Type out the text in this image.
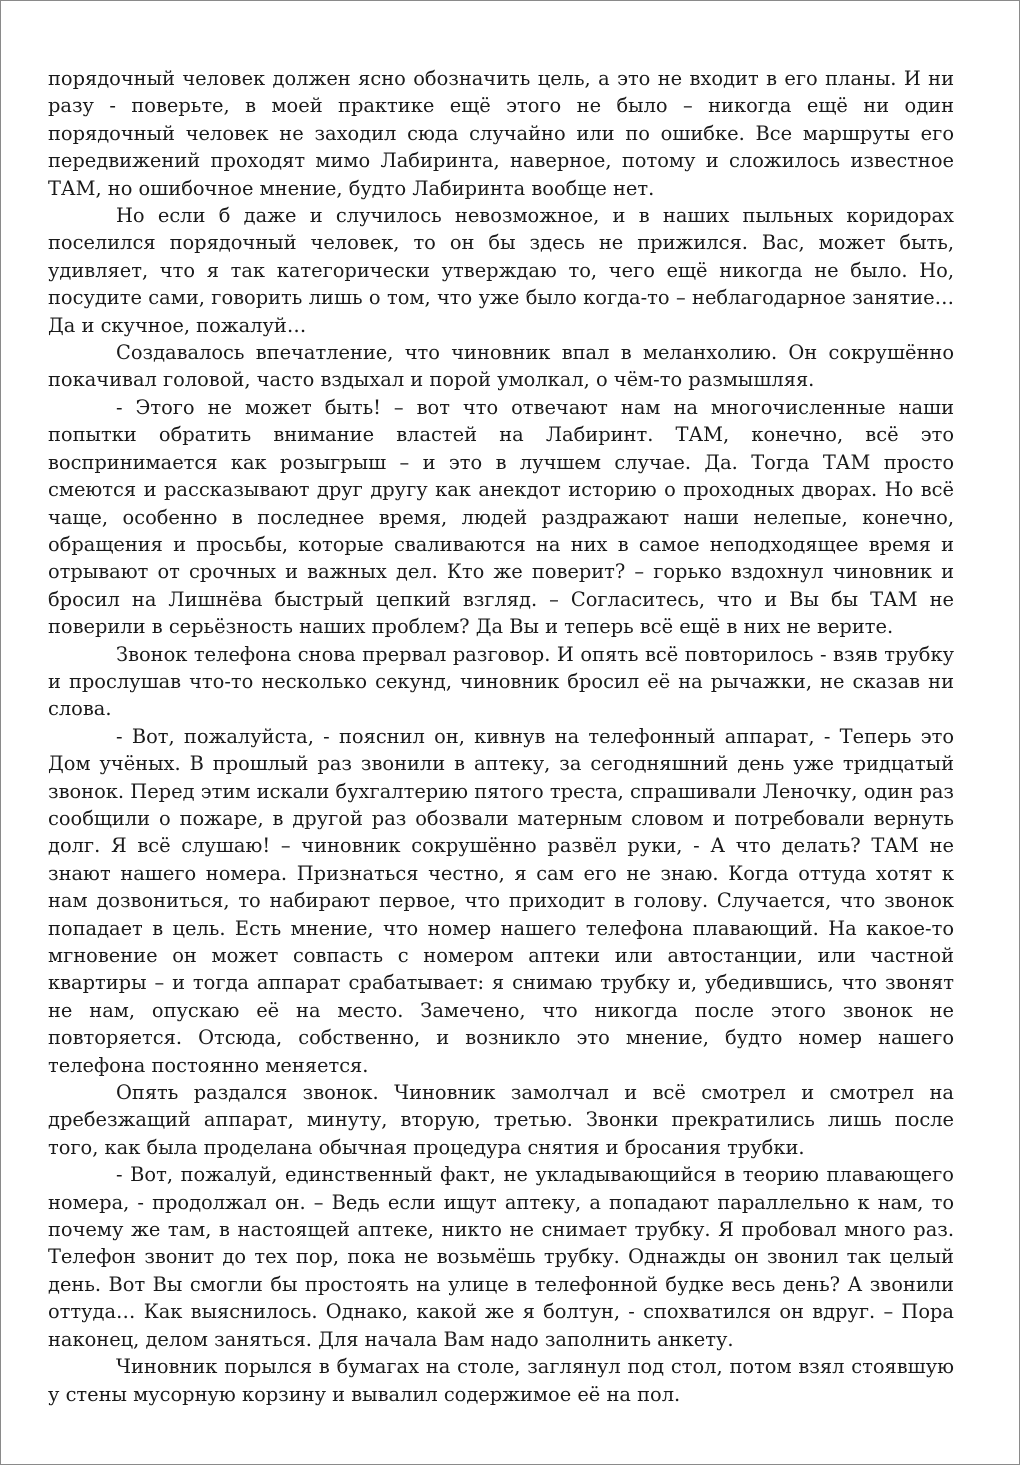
порядочный человек должен ясно обозначить цель, а это не входит в его планы. И ни разу - поверьте, в моей практике ещё этого не было – никогда ещё ни один порядочный человек не заходил сюда случайно или по ошибке. Все маршруты его передвижений проходят мимо Лабиринта, наверное, потому и сложилось известное ТАМ, но ошибочное мнение, будто Лабиринта вообще нет.

Но если б даже и случилось невозможное, и в наших пыльных коридорах поселился порядочный человек, то он бы здесь не прижился. Вас, может быть, удивляет, что я так категорически утверждаю то, чего ещё никогда не было. Но, посудите сами, говорить лишь о том, что уже было когда-то – неблагодарное занятие… Да и скучное, пожалуй…

Создавалось впечатление, что чиновник впал в меланхолию. Он сокрушённо покачивал головой, часто вздыхал и порой умолкал, о чём-то размышляя.

- Этого не может быть! – вот что отвечают нам на многочисленные наши попытки обратить внимание властей на Лабиринт. ТАМ, конечно, всё это воспринимается как розыгрыш – и это в лучшем случае. Да. Тогда ТАМ просто смеются и рассказывают друг другу как анекдот историю о проходных дворах. Но всё чаще, особенно в последнее время, людей раздражают наши нелепые, конечно, обращения и просьбы, которые сваливаются на них в самое неподходящее время и отрывают от срочных и важных дел. Кто же поверит? – горько вздохнул чиновник и бросил на Лишнёва быстрый цепкий взгляд. – Согласитесь, что и Вы бы ТАМ не поверили в серьёзность наших проблем? Да Вы и теперь всё ещё в них не верите.

Звонок телефона снова прервал разговор. И опять всё повторилось - взяв трубку и прослушав что-то несколько секунд, чиновник бросил её на рычажки, не сказав ни слова.

- Вот, пожалуйста, - пояснил он, кивнув на телефонный аппарат, - Теперь это Дом учёных. В прошлый раз звонили в аптеку, за сегодняшний день уже тридцатый звонок. Перед этим искали бухгалтерию пятого треста, спрашивали Леночку, один раз сообщили о пожаре, в другой раз обозвали матерным словом и потребовали вернуть долг. Я всё слушаю! – чиновник сокрушённо развёл руки, - А что делать? ТАМ не знают нашего номера. Признаться честно, я сам его не знаю. Когда оттуда хотят к нам дозвониться, то набирают первое, что приходит в голову. Случается, что звонок попадает в цель. Есть мнение, что номер нашего телефона плавающий. На какое-то мгновение он может совпасть с номером аптеки или автостанции, или частной квартиры – и тогда аппарат срабатывает: я снимаю трубку и, убедившись, что звонят не нам, опускаю её на место. Замечено, что никогда после этого звонок не повторяется. Отсюда, собственно, и возникло это мнение, будто номер нашего телефона постоянно меняется.

Опять раздался звонок. Чиновник замолчал и всё смотрел и смотрел на дребезжащий аппарат, минуту, вторую, третью. Звонки прекратились лишь после того, как была проделана обычная процедура снятия и бросания трубки.

- Вот, пожалуй, единственный факт, не укладывающийся в теорию плавающего номера, - продолжал он. – Ведь если ищут аптеку, а попадают параллельно к нам, то почему же там, в настоящей аптеке, никто не снимает трубку. Я пробовал много раз. Телефон звонит до тех пор, пока не возьмёшь трубку. Однажды он звонил так целый день. Вот Вы смогли бы простоять на улице в телефонной будке весь день? А звонили оттуда… Как выяснилось. Однако, какой же я болтун, - спохватился он вдруг. – Пора наконец, делом заняться. Для начала Вам надо заполнить анкету.

Чиновник порылся в бумагах на столе, заглянул под стол, потом взял стоявшую у стены мусорную корзину и вывалил содержимое её на пол.
